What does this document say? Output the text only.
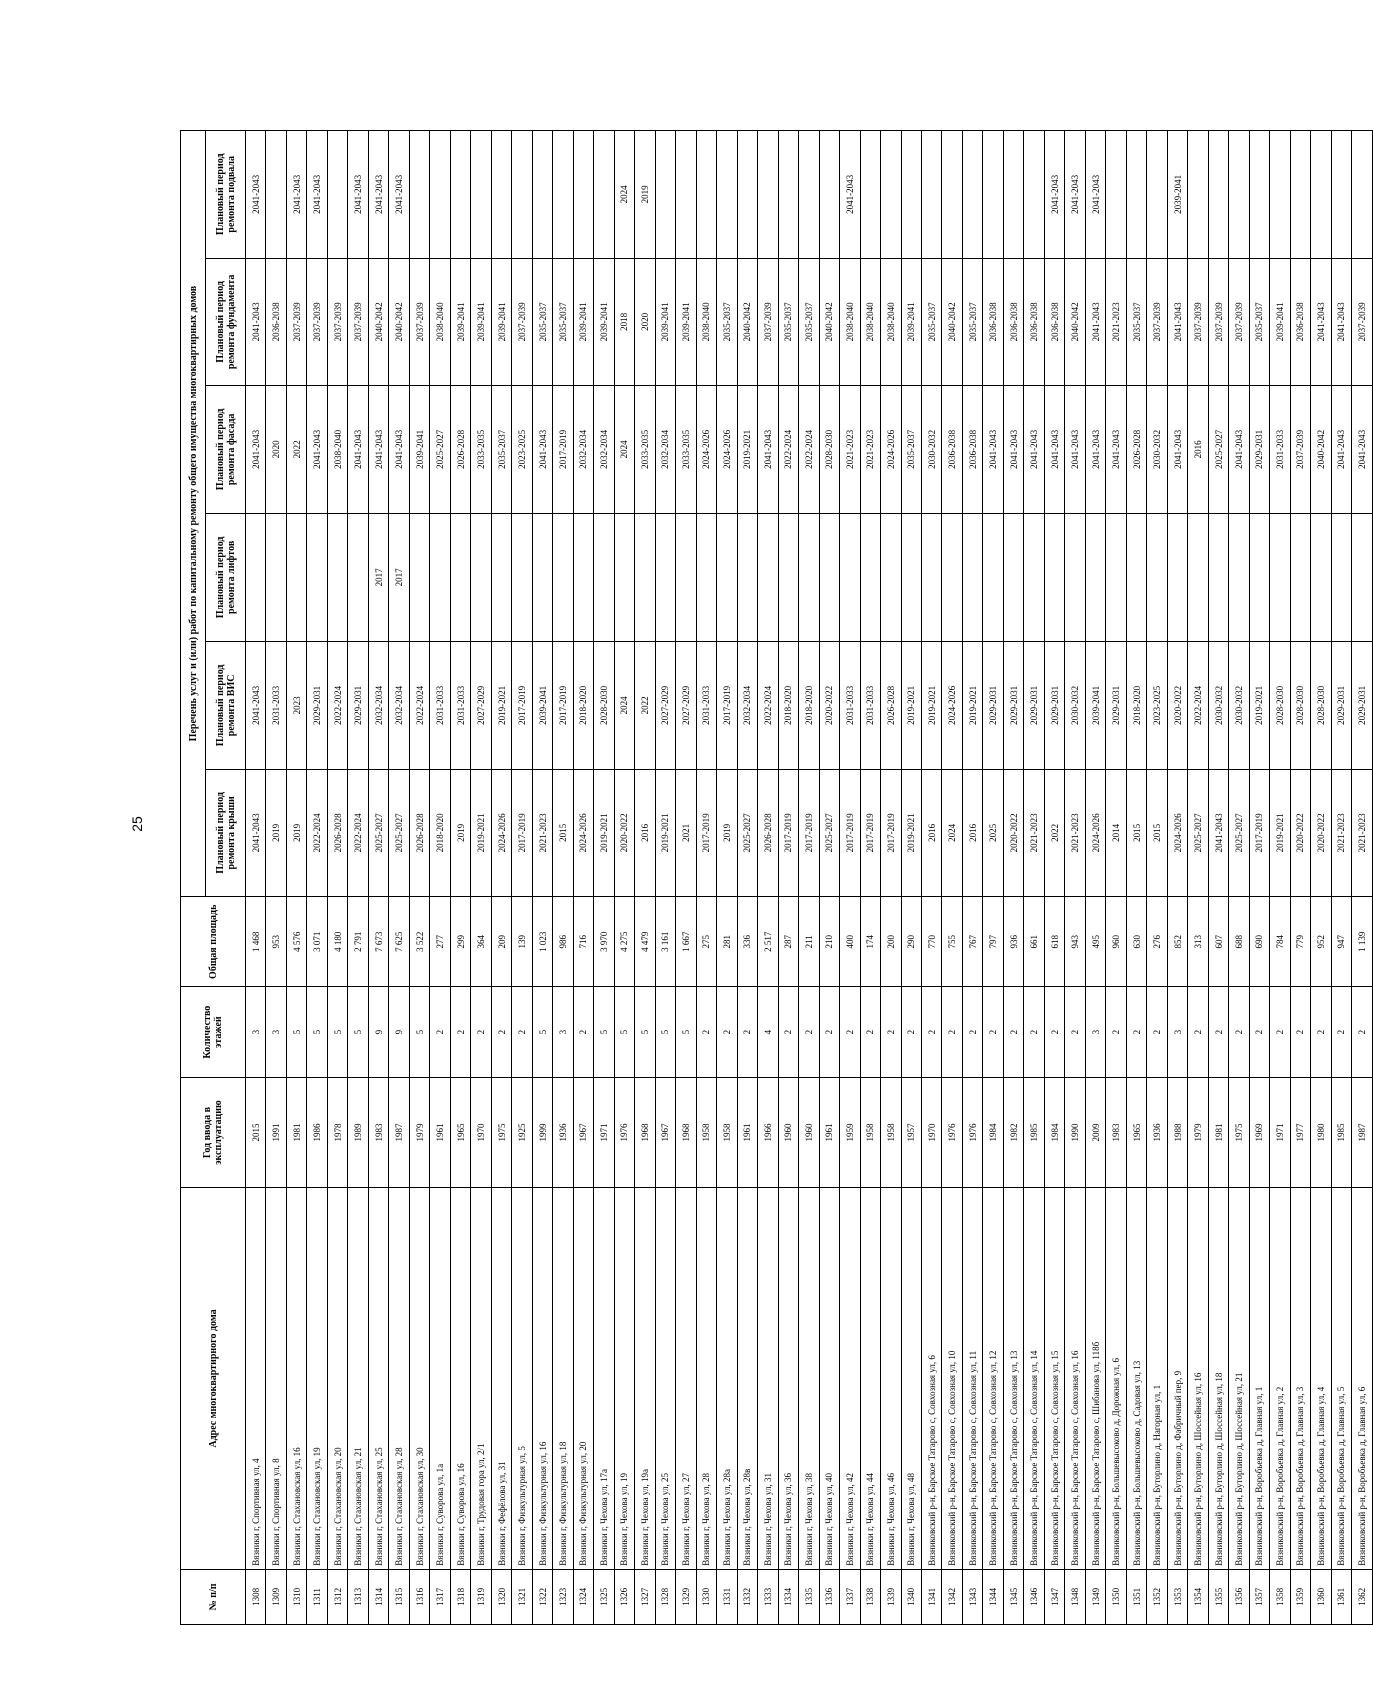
25
№ п/п	Адрес многоквартирного дома	Год ввода в эксплуатацию	Количество этажей	Общая площадь	Перечень услуг и (или) работ по капитальному ремонту общего имущества многоквартирных домов					
					Плановый период ремонта крыши	Плановый период ремонта ВИС	Плановый период ремонта лифтов	Плановый период ремонта фасада	Плановый период ремонта фундамента	Плановый период ремонта подвала
1308	Вязники г, Спортивная ул, 4	2015	3	1 468	2041-2043	2041-2043		2041-2043	2041-2043	2041-2043
1309	Вязники г, Спортивная ул, 8	1991	3	953	2019	2031-2033		2020	2036-2038	
1310	Вязники г, Стахановская ул, 16	1981	5	4 576	2019	2023		2022	2037-2039	2041-2043
1311	Вязники г, Стахановская ул, 19	1986	5	3 071	2022-2024	2029-2031		2041-2043	2037-2039	2041-2043
1312	Вязники г, Стахановская ул, 20	1978	5	4 180	2026-2028	2022-2024		2038-2040	2037-2039	
1313	Вязники г, Стахановская ул, 21	1989	5	2 791	2022-2024	2029-2031		2041-2043	2037-2039	2041-2043
1314	Вязники г, Стахановская ул, 25	1983	9	7 673	2025-2027	2032-2034	2017	2041-2043	2040-2042	2041-2043
1315	Вязники г, Стахановская ул, 28	1987	9	7 625	2025-2027	2032-2034	2017	2041-2043	2040-2042	2041-2043
1316	Вязники г, Стахановская ул, 30	1979	5	3 522	2026-2028	2022-2024		2039-2041	2037-2039	
1317	Вязники г, Суворова ул, 1а	1961	2	277	2018-2020	2031-2033		2025-2027	2038-2040	
1318	Вязники г, Суворова ул, 16	1965	2	299	2019	2031-2033		2026-2028	2039-2041	
1319	Вязники г, Трудовая гора ул, 2/1	1970	2	364	2019-2021	2027-2029		2033-2035	2039-2041	
1320	Вязники г, Фефёлова ул, 31	1975	2	209	2024-2026	2019-2021		2035-2037	2039-2041	
1321	Вязники г, Физкультурная ул, 5	1925	2	139	2017-2019	2017-2019		2023-2025	2037-2039	
1322	Вязники г, Физкультурная ул, 16	1999	5	1 023	2021-2023	2039-2041		2041-2043	2035-2037	
1323	Вязники г, Физкультурная ул, 18	1936	3	986	2015	2017-2019		2017-2019	2035-2037	
1324	Вязники г, Физкультурная ул, 20	1967	2	716	2024-2026	2018-2020		2032-2034	2039-2041	
1325	Вязники г, Чехова ул, 17а	1971	5	3 970	2019-2021	2028-2030		2032-2034	2039-2041	
1326	Вязники г, Чехова ул, 19	1976	5	4 275	2020-2022	2024		2024	2018	2024
1327	Вязники г, Чехова ул, 19а	1968	5	4 479	2016	2022		2033-2035	2020	2019
1328	Вязники г, Чехова ул, 25	1967	5	3 161	2019-2021	2027-2029		2032-2034	2039-2041	
1329	Вязники г, Чехова ул, 27	1968	5	1 667	2021	2027-2029		2033-2035	2039-2041	
1330	Вязники г, Чехова ул, 28	1958	2	275	2017-2019	2031-2033		2024-2026	2038-2040	
1331	Вязники г, Чехова ул, 28а	1958	2	281	2019	2017-2019		2024-2026	2035-2037	
1332	Вязники г, Чехова ул, 28в	1961	2	336	2025-2027	2032-2034		2019-2021	2040-2042	
1333	Вязники г, Чехова ул, 31	1966	4	2 517	2026-2028	2022-2024		2041-2043	2037-2039	
1334	Вязники г, Чехова ул, 36	1960	2	287	2017-2019	2018-2020		2022-2024	2035-2037	
1335	Вязники г, Чехова ул, 38	1960	2	211	2017-2019	2018-2020		2022-2024	2035-2037	
1336	Вязники г, Чехова ул, 40	1961	2	210	2025-2027	2020-2022		2028-2030	2040-2042	
1337	Вязники г, Чехова ул, 42	1959	2	400	2017-2019	2031-2033		2021-2023	2038-2040	2041-2043
1338	Вязники г, Чехова ул, 44	1958	2	174	2017-2019	2031-2033		2021-2023	2038-2040	
1339	Вязники г, Чехова ул, 46	1958	2	200	2017-2019	2026-2028		2024-2026	2038-2040	
1340	Вязники г, Чехова ул, 48	1957	2	290	2019-2021	2019-2021		2035-2037	2039-2041	
1341	Вязниковский р-н, Барское Татарово с, Совхозная ул, 6	1970	2	770	2016	2019-2021		2030-2032	2035-2037	
1342	Вязниковский р-н, Барское Татарово с, Совхозная ул, 10	1976	2	755	2024	2024-2026		2036-2038	2040-2042	
1343	Вязниковский р-н, Барское Татарово с, Совхозная ул, 11	1976	2	767	2016	2019-2021		2036-2038	2035-2037	
1344	Вязниковский р-н, Барское Татарово с, Совхозная ул, 12	1984	2	797	2025	2029-2031		2041-2043	2036-2038	
1345	Вязниковский р-н, Барское Татарово с, Совхозная ул, 13	1982	2	936	2020-2022	2029-2031		2041-2043	2036-2038	
1346	Вязниковский р-н, Барское Татарово с, Совхозная ул, 14	1985	2	661	2021-2023	2029-2031		2041-2043	2036-2038	
1347	Вязниковский р-н, Барское Татарово с, Совхозная ул, 15	1984	2	618	2022	2029-2031		2041-2043	2036-2038	2041-2043
1348	Вязниковский р-н, Барское Татарово с, Совхозная ул, 16	1990	2	943	2021-2023	2030-2032		2041-2043	2040-2042	2041-2043
1349	Вязниковский р-н, Барское Татарово с, Шибанова ул, 118б	2009	3	495	2024-2026	2039-2041		2041-2043	2041-2043	2041-2043
1350	Вязниковский р-н, Большевысоково д, Дорожная ул, 6	1983	2	960	2014	2029-2031		2041-2043	2021-2023	
1351	Вязниковский р-н, Большевысоково д, Садовая ул, 13	1965	2	630	2015	2018-2020		2026-2028	2035-2037	
1352	Вязниковский р-н, Буторлино д, Нагорная ул, 1	1936	2	276	2015	2023-2025		2030-2032	2037-2039	
1353	Вязниковский р-н, Буторлино д, Фабричный пер, 9	1988	3	852	2024-2026	2020-2022		2041-2043	2041-2043	2039-2041
1354	Вязниковский р-н, Буторлино д, Шоссейная ул, 16	1979	2	313	2025-2027	2022-2024		2016	2037-2039	
1355	Вязниковский р-н, Буторлино д, Шоссейная ул, 18	1981	2	607	2041-2043	2030-2032		2025-2027	2037-2039	
1356	Вязниковский р-н, Буторлино д, Шоссейная ул, 21	1975	2	688	2025-2027	2030-2032		2041-2043	2037-2039	
1357	Вязниковский р-н, Воробьевка д, Главная ул, 1	1969	2	690	2017-2019	2019-2021		2029-2031	2035-2037	
1358	Вязниковский р-н, Воробьевка д, Главная ул, 2	1971	2	784	2019-2021	2028-2030		2031-2033	2039-2041	
1359	Вязниковский р-н, Воробьевка д, Главная ул, 3	1977	2	779	2020-2022	2028-2030		2037-2039	2036-2038	
1360	Вязниковский р-н, Воробьевка д, Главная ул, 4	1980	2	952	2020-2022	2028-2030		2040-2042	2041-2043	
1361	Вязниковский р-н, Воробьевка д, Главная ул, 5	1985	2	947	2021-2023	2029-2031		2041-2043	2041-2043	
1362	Вязниковский р-н, Воробьевка д, Главная ул, 6	1987	2	1 139	2021-2023	2029-2031		2041-2043	2037-2039	
